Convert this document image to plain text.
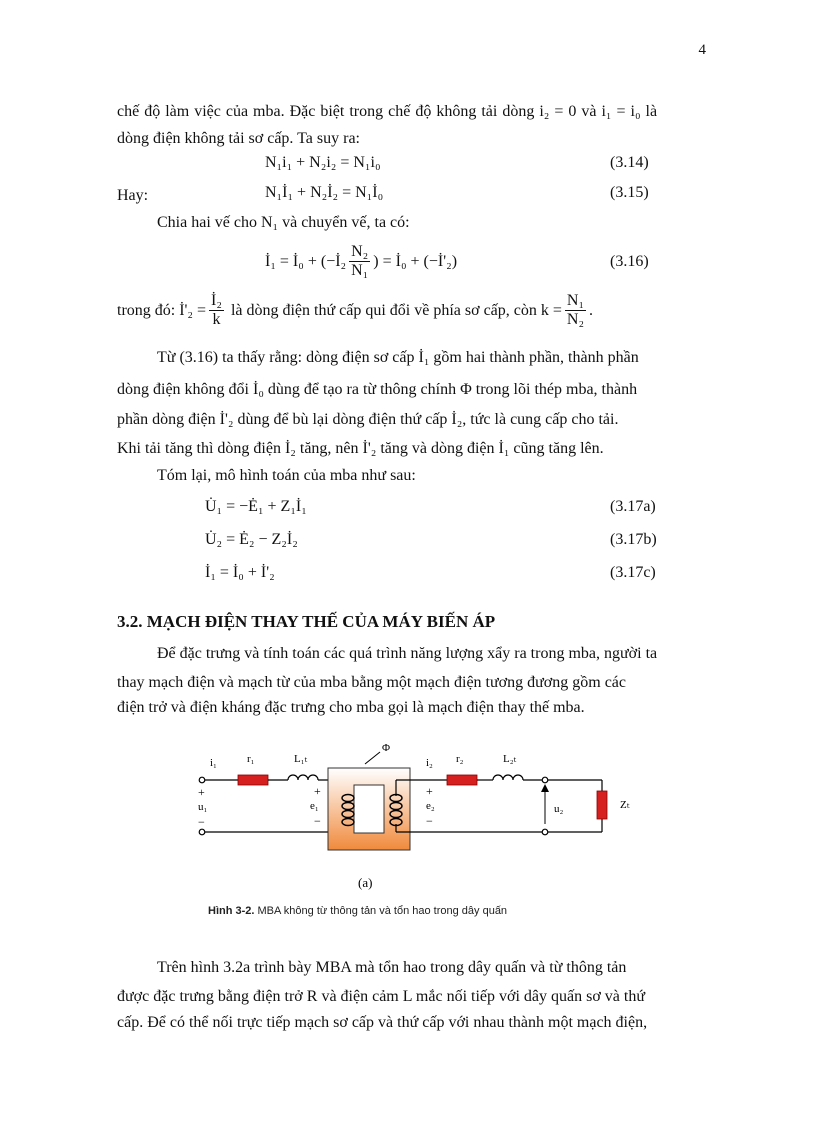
4
chế độ làm việc của mba. Đặc biệt trong chế độ không tải dòng i₂ = 0 và i₁ = i₀ là
dòng điện không tải sơ cấp. Ta suy ra:
N₁i₁ + N₂i₂ = N₁i₀	(3.14)
Hay:	N₁İ₁ + N₂İ₂ = N₁İ₀	(3.15)
Chia hai vế cho N₁ và chuyển vế, ta có:
İ₁ = İ₀ + (−İ₂ $\frac{\text{N₂}}{\text{N₁}}$ ) = İ₀ + (−İ'₂)	(3.16)
trong đó: İ'₂ = $\frac{\text{İ₂}}{k}$ là dòng điện thứ cấp qui đổi về phía sơ cấp, còn $k = \frac{\text{N₁}}{\text{N₂}}$ .
Từ (3.16) ta thấy rằng: dòng điện sơ cấp İ₁ gồm hai thành phần, thành phần
dòng điện không đổi İ₀ dùng để tạo ra từ thông chính Φ trong lõi thép mba, thành
phần dòng điện İ'₂ dùng để bù lại dòng điện thứ cấp İ₂, tức là cung cấp cho tải.
Khi tải tăng thì dòng điện İ₂ tăng, nên İ'₂ tăng và dòng điện İ₁ cũng tăng lên.
Tóm lại, mô hình toán của mba như sau:
U̇₁ = −Ė₁ + Z₁İ₁	(3.17a)
U̇₂ = Ė₂ − Z₂İ₂	(3.17b)
İ₁ = İ₀ + İ'₂	(3.17c)
3.2. MẠCH ĐIỆN THAY THẾ CỦA MÁY BIẾN ÁP
Để đặc trưng và tính toán các quá trình năng lượng xẩy ra trong mba, người ta
thay mạch điện và mạch từ của mba bằng một mạch điện tương đương gồm các
điện trở và điện kháng đặc trưng cho mba gọi là mạch điện thay thế mba.
Φ
i₁	r₁	L₁ₜ
+
u₁
−
+
e₁
−
i₂ r₂	L₂ₜ
+
e₂
−
u₂	Zₜ
(a)
Hình 3-2. MBA không từ thông tản và tổn hao trong dây quấn
Trên hình 3.2a trình bày MBA mà tổn hao trong dây quấn và từ thông tản
được đặc trưng bằng điện trở R và điện cảm L mắc nối tiếp với dây quấn sơ và thứ
cấp. Để có thể nối trực tiếp mạch sơ cấp và thứ cấp với nhau thành một mạch điện,
